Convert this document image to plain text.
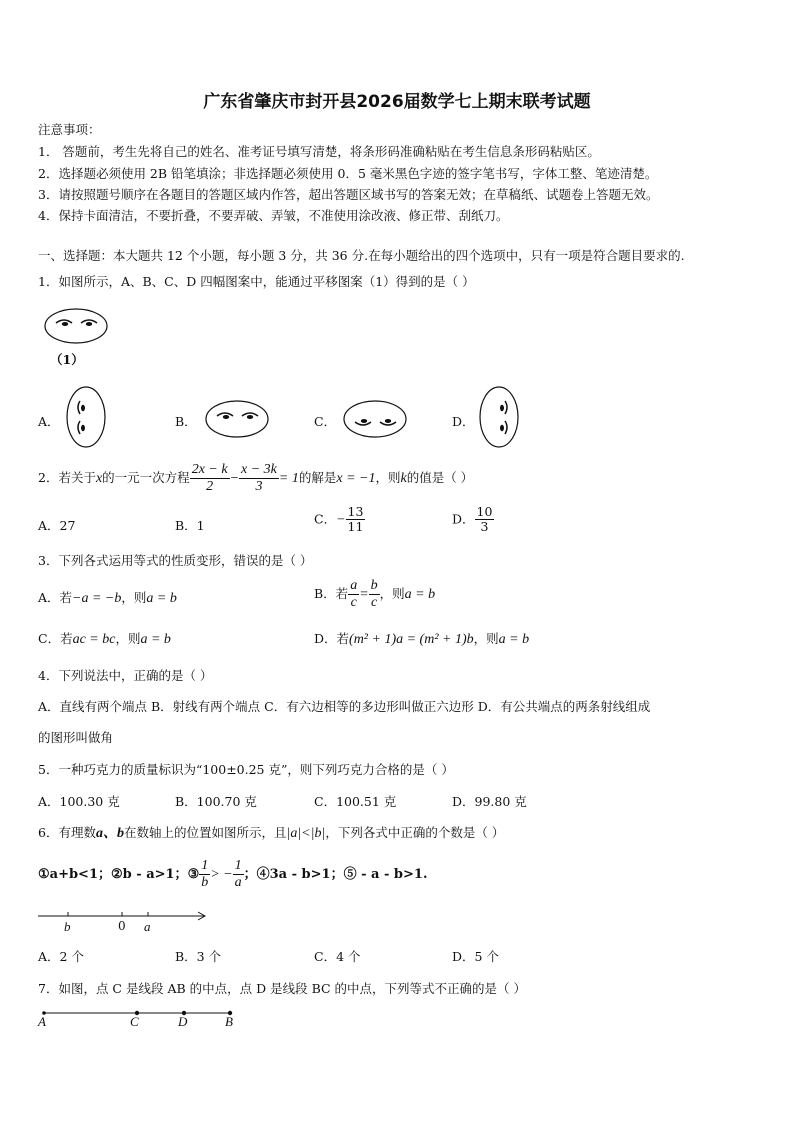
广东省肇庆市封开县2026届数学七上期末联考试题
注意事项：
1． 答题前，考生先将自己的姓名、准考证号填写清楚，将条形码准确粘贴在考生信息条形码粘贴区。
2．选择题必须使用 2B 铅笔填涂；非选择题必须使用 0．5 毫米黑色字迹的签字笔书写，字体工整、笔迹清楚。
3．请按照题号顺序在各题目的答题区域内作答，超出答题区域书写的答案无效；在草稿纸、试题卷上答题无效。
4．保持卡面清洁，不要折叠，不要弄破、弄皱，不准使用涂改液、修正带、刮纸刀。
一、选择题：本大题共 12 个小题，每小题 3 分，共 36 分.在每小题给出的四个选项中，只有一项是符合题目要求的.
1．如图所示，A、B、C、D 四幅图案中，能通过平移图案（1）得到的是（ ）
（1）
A．	B．	C．	D．
2．若关于x的一元一次方程 $\frac{2x - k}{2} - \frac{x - 3k}{3} = 1$的解是x = −1，则k的值是（ ）
A．27	B．1	C．− $\frac{13}{11}$	D． $\frac{10}{3}$
3．下列各式运用等式的性质变形，错误的是（ ）
A．若−a = −b，则a = b	B．若 $\frac{a}{c} = \frac{b}{c}$ ，则a = b
C．若ac = bc，则a = b	D．若(m² + 1)a = (m² + 1)b，则a = b
4．下列说法中，正确的是（ ）
A．直线有两个端点 B．射线有两个端点 C．有六边相等的多边形叫做正六边形 D．有公共端点的两条射线组成
的图形叫做角
5．一种巧克力的质量标识为“100±0.25 克”，则下列巧克力合格的是（ ）
A．100.30 克	B．100.70 克	C．100.51 克	D．99.80 克
6．有理数a、b在数轴上的位置如图所示，且|a|<|b|，下列各式中正确的个数是（ ）
①a+b<1；②b - a>1；③ $\frac{1}{b}$ > − $\frac{1}{a}$ ；④3a - b>1；⑤ - a - b>1.
b	0 a
A．2 个	B．3 个	C．4 个	D．5 个
7．如图，点 C 是线段 AB 的中点，点 D 是线段 BC 的中点，下列等式不正确的是（ ）
A	C	D	B
